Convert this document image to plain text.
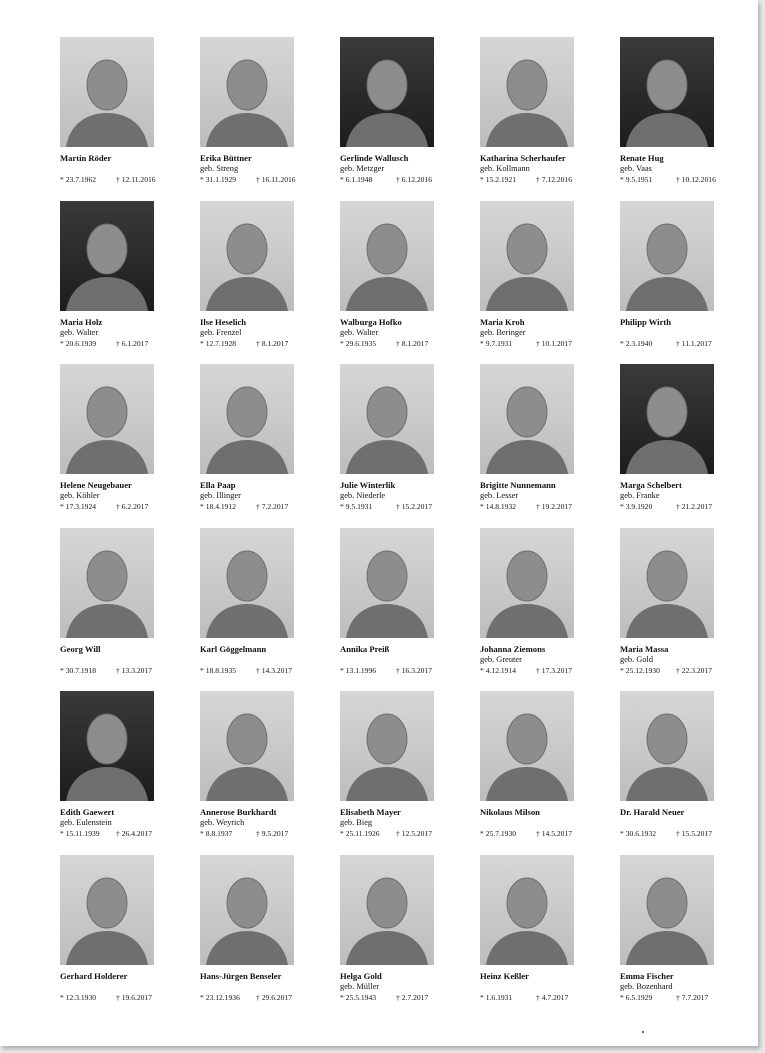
Martin Röder
* 23.7.1962	† 12.11.2016
Erika Büttner
geb. Streng
* 31.1.1929	† 16.11.2016
Gerlinde Wallusch
geb. Metzger
* 6.1.1948	† 6.12.2016
Katharina Scherhaufer
geb. Kollmann
* 15.2.1921	† 7.12.2016
Renate Hug
geb. Vaas
* 9.5.1951	† 10.12.2016
Maria Holz
geb. Walter
* 20.6.1939	† 6.1.2017
Ilse Heselich
geb. Frenzel
* 12.7.1928	† 8.1.2017
Walburga Hofko
geb. Walter
* 29.6.1935	† 8.1.2017
Maria Kroh
geb. Beringer
* 9.7.1931	† 10.1.2017
Philipp Wirth
* 2.3.1940	† 11.1.2017
Helene Neugebauer
geb. Köhler
* 17.3.1924	† 6.2.2017
Ella Paap
geb. Illinger
* 18.4.1912	† 7.2.2017
Julie Winterlik
geb. Niederle
* 9.5.1931	† 15.2.2017
Brigitte Nunnemann
geb. Lesser
* 14.8.1932	† 19.2.2017
Marga Schelbert
geb. Franke
* 3.9.1920	† 21.2.2017
Georg Will
* 30.7.1918	† 13.3.2017
Karl Göggelmann
* 18.8.1935	† 14.3.2017
Annika Preiß
* 13.1.1996	† 16.3.2017
Johanna Ziemons
geb. Greuter
* 4.12.1914	† 17.3.2017
Maria Massa
geb. Gold
* 25.12.1930 † 22.3.2017
Edith Gaewert
geb. Eulenstein
* 15.11.1939 † 26.4.2017
Annerose Burkhardt
geb. Weyrich
* 8.8.1937	† 9.5.2017
Elisabeth Mayer
geb. Bieg
* 25.11.1926 † 12.5.2017
Nikolaus Milson
* 25.7.1930	† 14.5.2017
Dr. Harald Neuer
* 30.6.1932	† 15.5.2017
Gerhard Holderer
* 12.3.1930	† 19.6.2017
Hans-Jürgen Benseler
* 23.12.1936 † 29.6.2017
Helga Gold
geb. Müller
* 25.5.1943	† 2.7.2017
Heinz Keßler
* 1.6.1931	† 4.7.2017
Emma Fischer
geb. Bozenhard
* 6.5.1929	† 7.7.2017
